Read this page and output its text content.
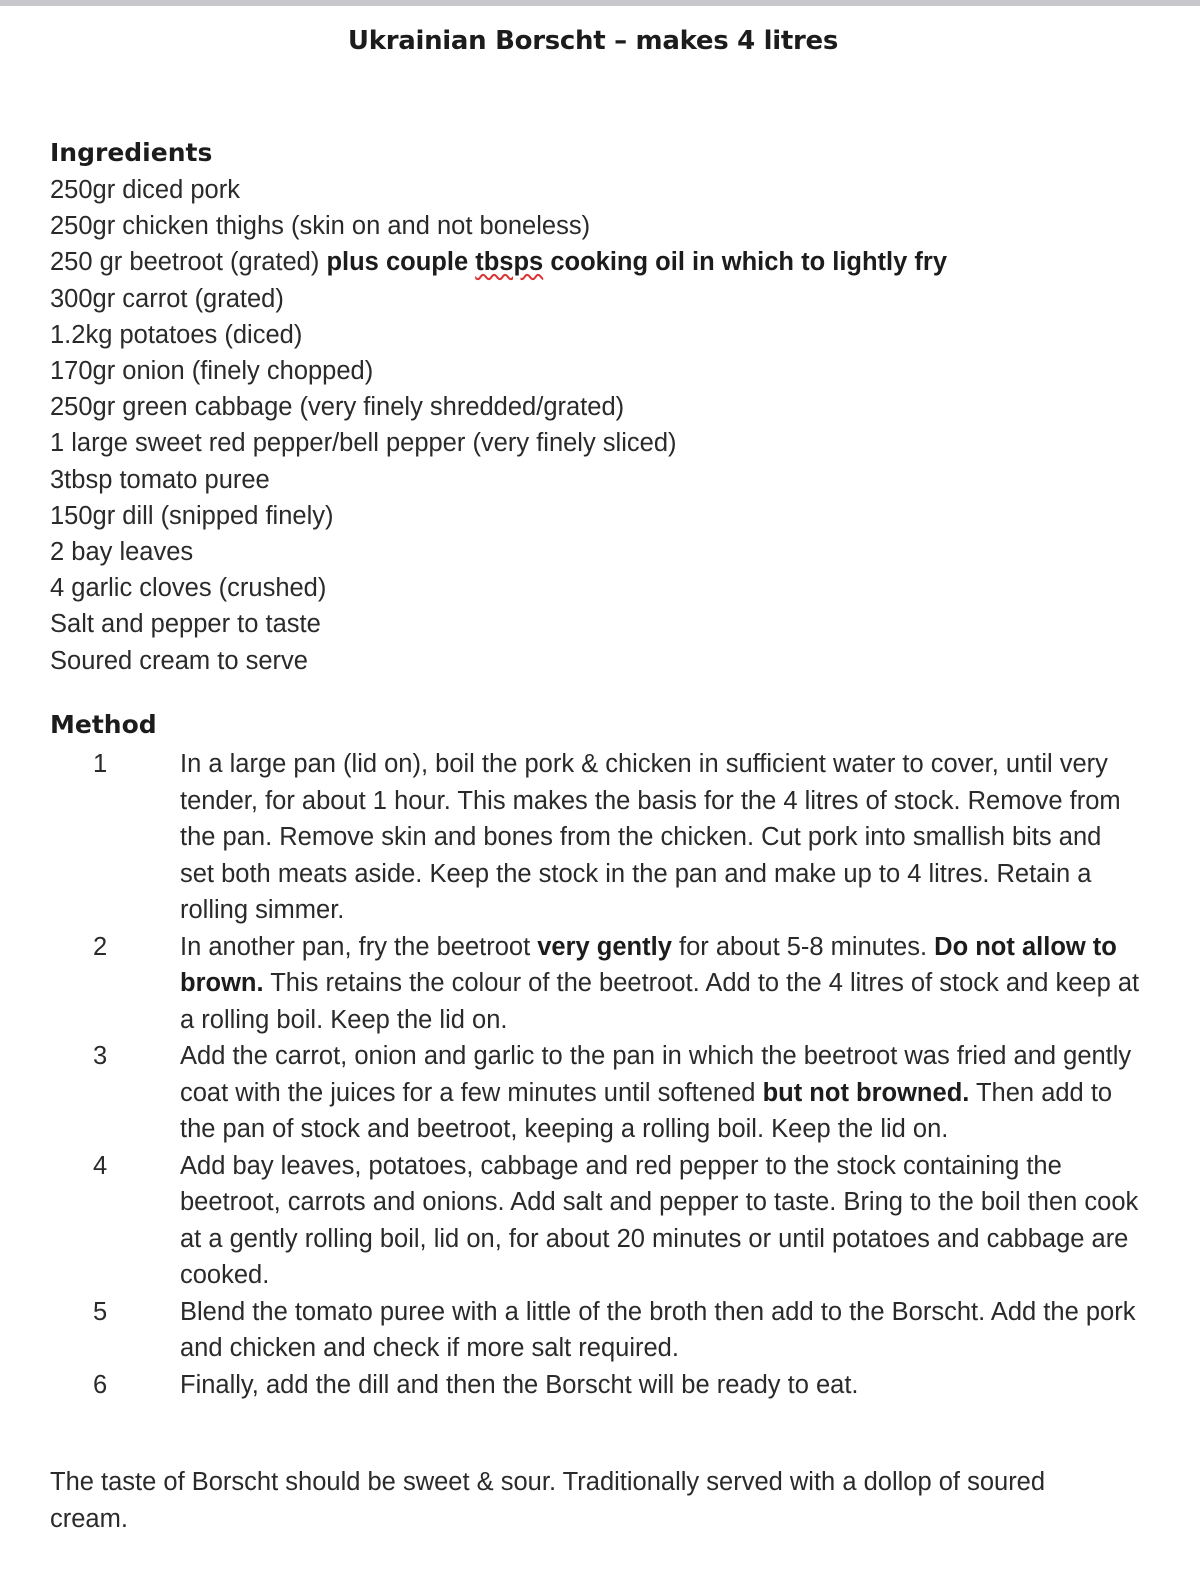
Ukrainian Borscht – makes 4 litres
Ingredients
250gr diced pork
250gr chicken thighs (skin on and not boneless)
250 gr beetroot (grated) plus couple tbsps cooking oil in which to lightly fry
300gr carrot (grated)
1.2kg potatoes (diced)
170gr onion (finely chopped)
250gr green cabbage (very finely shredded/grated)
1 large sweet red pepper/bell pepper (very finely sliced)
3tbsp tomato puree
150gr dill (snipped finely)
2 bay leaves
4 garlic cloves (crushed)
Salt and pepper to taste
Soured cream to serve
Method
1	In a large pan (lid on), boil the pork & chicken in sufficient water to cover, until very tender, for about 1 hour. This makes the basis for the 4 litres of stock. Remove from the pan. Remove skin and bones from the chicken. Cut pork into smallish bits and set both meats aside. Keep the stock in the pan and make up to 4 litres. Retain a rolling simmer.
2	In another pan, fry the beetroot very gently for about 5-8 minutes. Do not allow to brown. This retains the colour of the beetroot. Add to the 4 litres of stock and keep at a rolling boil. Keep the lid on.
3	Add the carrot, onion and garlic to the pan in which the beetroot was fried and gently coat with the juices for a few minutes until softened but not browned. Then add to the pan of stock and beetroot, keeping a rolling boil. Keep the lid on.
4	Add bay leaves, potatoes, cabbage and red pepper to the stock containing the beetroot, carrots and onions. Add salt and pepper to taste. Bring to the boil then cook at a gently rolling boil, lid on, for about 20 minutes or until potatoes and cabbage are cooked.
5	Blend the tomato puree with a little of the broth then add to the Borscht. Add the pork and chicken and check if more salt required.
6	Finally, add the dill and then the Borscht will be ready to eat.

The taste of Borscht should be sweet & sour. Traditionally served with a dollop of soured cream.
